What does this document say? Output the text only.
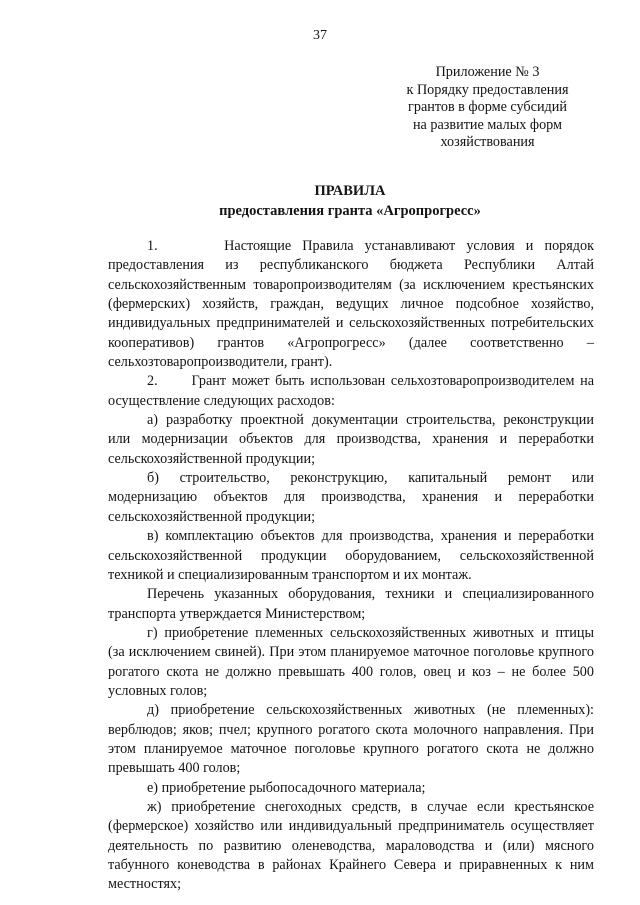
37
Приложение № 3
к Порядку предоставления
грантов в форме субсидий
на развитие малых форм
хозяйствования
ПРАВИЛА
предоставления гранта «Агропрогресс»

1.      Настоящие Правила устанавливают условия и порядок предоставления из республиканского бюджета Республики Алтай сельскохозяйственным товаропроизводителям (за исключением крестьянских (фермерских) хозяйств, граждан, ведущих личное подсобное хозяйство, индивидуальных предпринимателей и сельскохозяйственных потребительских кооперативов) грантов «Агропрогресс» (далее соответственно – сельхозтоваропроизводители, грант).

2.      Грант может быть использован сельхозтоваропроизводителем на осуществление следующих расходов:

а) разработку проектной документации строительства, реконструкции или модернизации объектов для производства, хранения и переработки сельскохозяйственной продукции;

б) строительство, реконструкцию, капитальный ремонт или модернизацию объектов для производства, хранения и переработки сельскохозяйственной продукции;

в) комплектацию объектов для производства, хранения и переработки сельскохозяйственной продукции оборудованием, сельскохозяйственной техникой и специализированным транспортом и их монтаж.

Перечень указанных оборудования, техники и специализированного транспорта утверждается Министерством;

г) приобретение племенных сельскохозяйственных животных и птицы (за исключением свиней). При этом планируемое маточное поголовье крупного рогатого скота не должно превышать 400 голов, овец и коз – не более 500 условных голов;

д) приобретение сельскохозяйственных животных (не племенных): верблюдов; яков; пчел; крупного рогатого скота молочного направления. При этом планируемое маточное поголовье крупного рогатого скота не должно превышать 400 голов;

е) приобретение рыбопосадочного материала;

ж) приобретение снегоходных средств, в случае если крестьянское (фермерское) хозяйство или индивидуальный предприниматель осуществляет деятельность по развитию оленеводства, мараловодства и (или) мясного табунного коневодства в районах Крайнего Севера и приравненных к ним местностях;
